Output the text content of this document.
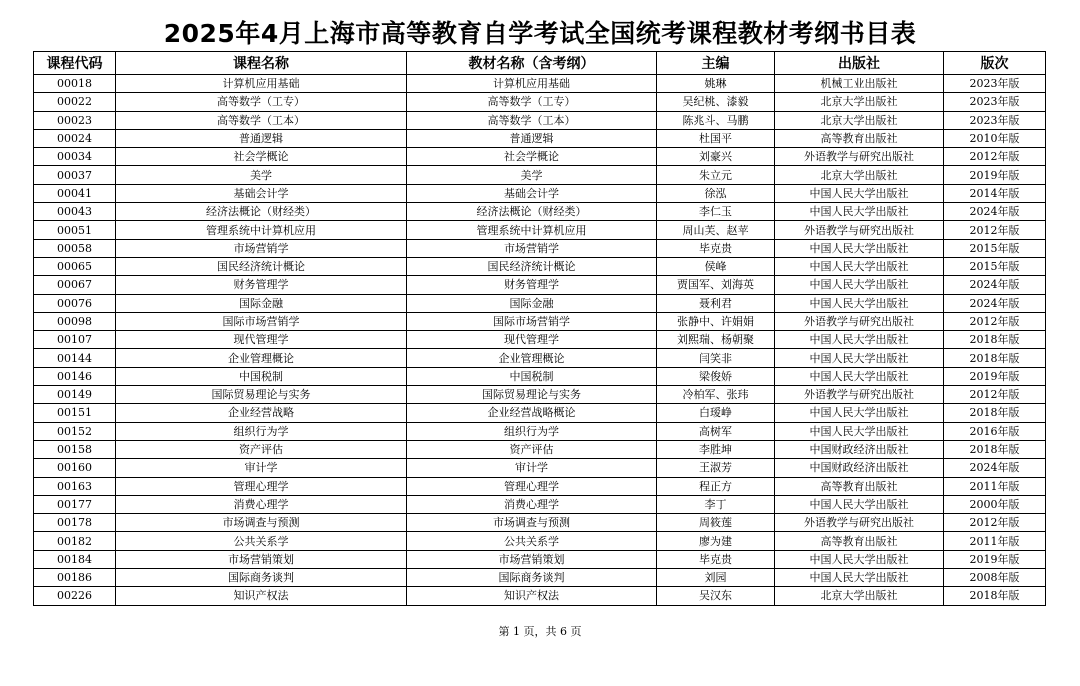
2025年4月上海市高等教育自学考试全国统考课程教材考纲书目表
课程代码	课程名称	教材名称（含考纲）	主编	出版社	版次
00018	计算机应用基础	计算机应用基础	姚琳	机械工业出版社	2023年版
00022	高等数学（工专）	高等数学（工专）	吴纪桃、漆毅	北京大学出版社	2023年版
00023	高等数学（工本）	高等数学（工本）	陈兆斗、马鹏	北京大学出版社	2023年版
00024	普通逻辑	普通逻辑	杜国平	高等教育出版社	2010年版
00034	社会学概论	社会学概论	刘豪兴	外语教学与研究出版社	2012年版
00037	美学	美学	朱立元	北京大学出版社	2019年版
00041	基础会计学	基础会计学	徐泓	中国人民大学出版社	2014年版
00043	经济法概论（财经类）	经济法概论（财经类）	李仁玉	中国人民大学出版社	2024年版
00051	管理系统中计算机应用	管理系统中计算机应用	周山芙、赵苹	外语教学与研究出版社	2012年版
00058	市场营销学	市场营销学	毕克贵	中国人民大学出版社	2015年版
00065	国民经济统计概论	国民经济统计概论	侯峰	中国人民大学出版社	2015年版
00067	财务管理学	财务管理学	贾国军、刘海英	中国人民大学出版社	2024年版
00076	国际金融	国际金融	聂利君	中国人民大学出版社	2024年版
00098	国际市场营销学	国际市场营销学	张静中、许娟娟	外语教学与研究出版社	2012年版
00107	现代管理学	现代管理学	刘熙瑞、杨朝聚	中国人民大学出版社	2018年版
00144	企业管理概论	企业管理概论	闫笑非	中国人民大学出版社	2018年版
00146	中国税制	中国税制	梁俊娇	中国人民大学出版社	2019年版
00149	国际贸易理论与实务	国际贸易理论与实务	冷柏军、张玮	外语教学与研究出版社	2012年版
00151	企业经营战略	企业经营战略概论	白瑷峥	中国人民大学出版社	2018年版
00152	组织行为学	组织行为学	高树军	中国人民大学出版社	2016年版
00158	资产评估	资产评估	李胜坤	中国财政经济出版社	2018年版
00160	审计学	审计学	王淑芳	中国财政经济出版社	2024年版
00163	管理心理学	管理心理学	程正方	高等教育出版社	2011年版
00177	消费心理学	消费心理学	李丁	中国人民大学出版社	2000年版
00178	市场调查与预测	市场调查与预测	周筱莲	外语教学与研究出版社	2012年版
00182	公共关系学	公共关系学	廖为建	高等教育出版社	2011年版
00184	市场营销策划	市场营销策划	毕克贵	中国人民大学出版社	2019年版
00186	国际商务谈判	国际商务谈判	刘园	中国人民大学出版社	2008年版
00226	知识产权法	知识产权法	吴汉东	北京大学出版社	2018年版
第 1 页，共 6 页
